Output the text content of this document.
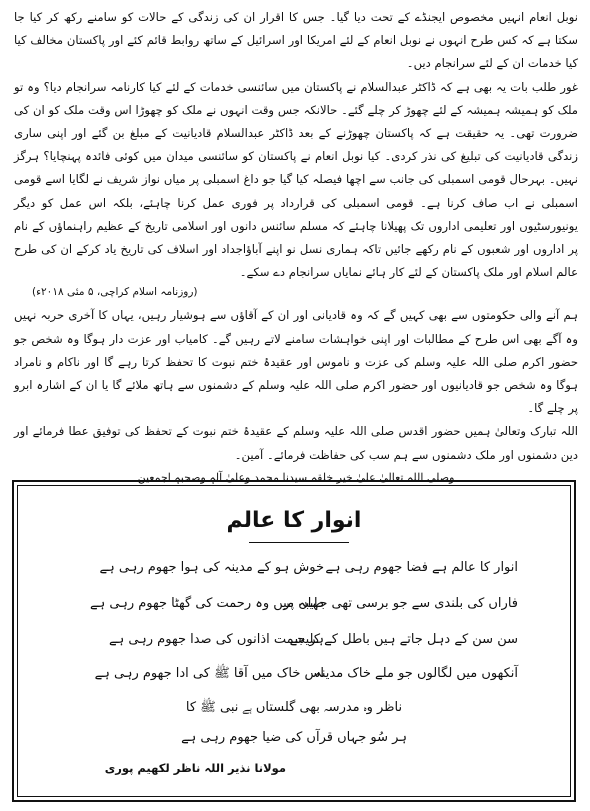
نوبل انعام انہیں مخصوص ایجنڈے کے تحت دیا گیا۔ جس کا اقرار ان کی زندگی کے حالات کو سامنے رکھ کر کیا جا سکتا ہے کہ کس طرح انہوں نے نوبل انعام کے لئے امریکا اور اسرائیل کے ساتھ روابط قائم کئے اور پاکستان مخالف کیا کیا خدمات ان کے لئے سرانجام دیں۔

غور طلب بات یہ بھی ہے کہ ڈاکٹر عبدالسلام نے پاکستان میں سائنسی خدمات کے لئے کیا کارنامہ سرانجام دیا؟ وہ تو ملک کو ہمیشہ ہمیشہ کے لئے چھوڑ کر چلے گئے۔ حالانکہ جس وقت انہوں نے ملک کو چھوڑا اس وقت ملک کو ان کی ضرورت تھی۔ یہ حقیقت ہے کہ پاکستان چھوڑنے کے بعد ڈاکٹر عبدالسلام قادیانیت کے مبلغ بن گئے اور اپنی ساری زندگی قادیانیت کی تبلیغ کی نذر کردی۔ کیا نوبل انعام نے پاکستان کو سائنسی میدان میں کوئی فائدہ پہنچایا؟ ہرگز نہیں۔ بہرحال قومی اسمبلی کی جانب سے اچھا فیصلہ کیا گیا جو داغ اسمبلی پر میاں نواز شریف نے لگایا اسے قومی اسمبلی نے اب صاف کرنا ہے۔ قومی اسمبلی کی قرارداد پر فوری عمل کرنا چاہئے، بلکہ اس عمل کو دیگر یونیورسٹیوں اور تعلیمی اداروں تک پھیلانا چاہئے کہ مسلم سائنس دانوں اور اسلامی تاریخ کے عظیم راہنماؤں کے نام پر اداروں اور شعبوں کے نام رکھے جائیں تاکہ ہماری نسل نو اپنے آباؤاجداد اور اسلاف کی تاریخ یاد کرکے ان کی طرح عالم اسلام اور ملک پاکستان کے لئے کار ہائے نمایاں سرانجام دے سکے۔

(روزنامہ اسلام کراچی، ۵ مئی ۲۰۱۸ء)

ہم آنے والی حکومتوں سے بھی کہیں گے کہ وہ قادیانی اور ان کے آقاؤں سے ہوشیار رہیں، یہاں کا آخری حربہ نہیں وہ آگے بھی اس طرح کے مطالبات اور اپنی خواہشات سامنے لاتے رہیں گے۔ کامیاب اور عزت دار ہوگا وہ شخص جو حضور اکرم صلی اللہ علیہ وسلم کی عزت و ناموس اور عقیدۂ ختم نبوت کا تحفظ کرتا رہے گا اور ناکام و نامراد ہوگا وہ شخص جو قادیانیوں اور حضور اکرم صلی اللہ علیہ وسلم کے دشمنوں سے ہاتھ ملائے گا یا ان کے اشارہ ابرو پر چلے گا۔

اللہ تبارک وتعالیٰ ہمیں حضور اقدس صلی اللہ علیہ وسلم کے عقیدۂ ختم نبوت کے تحفظ کی توفیق عطا فرمائے اور دین دشمنوں اور ملک دشمنوں سے ہم سب کی حفاظت فرمائے۔ آمین۔

وصلی اللہ تعالیٰ علیٰ خیر خلقہ سیدنا محمد وعلیٰ آلہٖ وصحبہٖ اجمعین

انوار کا عالم
انوار کا عالم ہے فضا جھوم رہی ہے
خوش ہو کے مدینہ کی ہوا جھوم رہی ہے
فاراں کی بلندی سے جو برسی تھی جہاں پر
طیبہ میں وہ رحمت کی گھٹا جھوم رہی ہے
سن سن کے دہل جاتے ہیں باطل کے کلیجے
ہر سمت اذانوں کی صدا جھوم رہی ہے
آنکھوں میں لگالوں جو ملے خاک مدینہ
اس خاک میں آقا ﷺ کی ادا جھوم رہی ہے
ناظر وہ مدرسہ بھی گلستاں ہے نبی ﷺ کا
ہر سُو جہاں قرآں کی ضیا جھوم رہی ہے
مولانا نذیر اللہ ناظر لکھیم پوری
